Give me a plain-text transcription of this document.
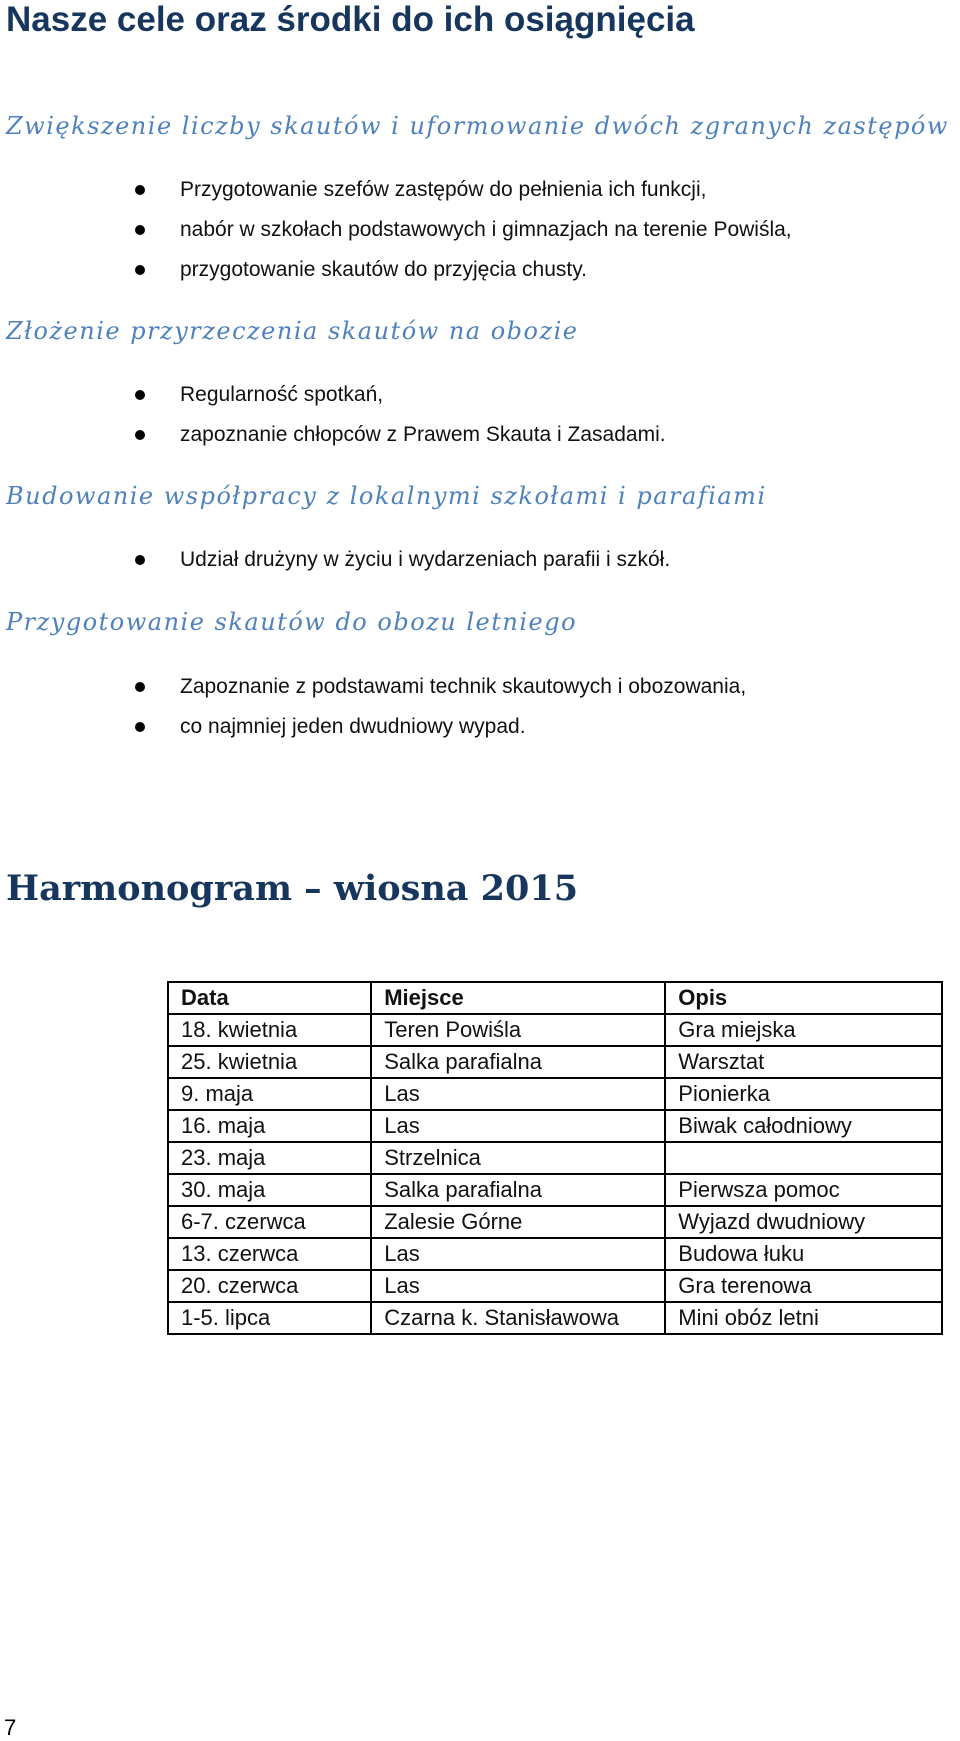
Nasze cele oraz środki do ich osiągnięcia
Zwiększenie liczby skautów i uformowanie dwóch zgranych zastępów
Przygotowanie szefów zastępów do pełnienia ich funkcji,
nabór w szkołach podstawowych i gimnazjach na terenie Powiśla,
przygotowanie skautów do przyjęcia chusty.
Złożenie przyrzeczenia skautów na obozie
Regularność spotkań,
zapoznanie chłopców z Prawem Skauta i Zasadami.
Budowanie współpracy z lokalnymi szkołami i parafiami
Udział drużyny w życiu i wydarzeniach parafii i szkół.
Przygotowanie skautów do obozu letniego
Zapoznanie z podstawami technik skautowych i obozowania,
co najmniej jeden dwudniowy wypad.
Harmonogram – wiosna 2015
Data	Miejsce	Opis
18. kwietnia	Teren Powiśla	Gra miejska
25. kwietnia	Salka parafialna	Warsztat
9. maja	Las	Pionierka
16. maja	Las	Biwak całodniowy
23. maja	Strzelnica	
30. maja	Salka parafialna	Pierwsza pomoc
6-7. czerwca	Zalesie Górne	Wyjazd dwudniowy
13. czerwca	Las	Budowa łuku
20. czerwca	Las	Gra terenowa
1-5. lipca	Czarna k. Stanisławowa	Mini obóz letni
7
